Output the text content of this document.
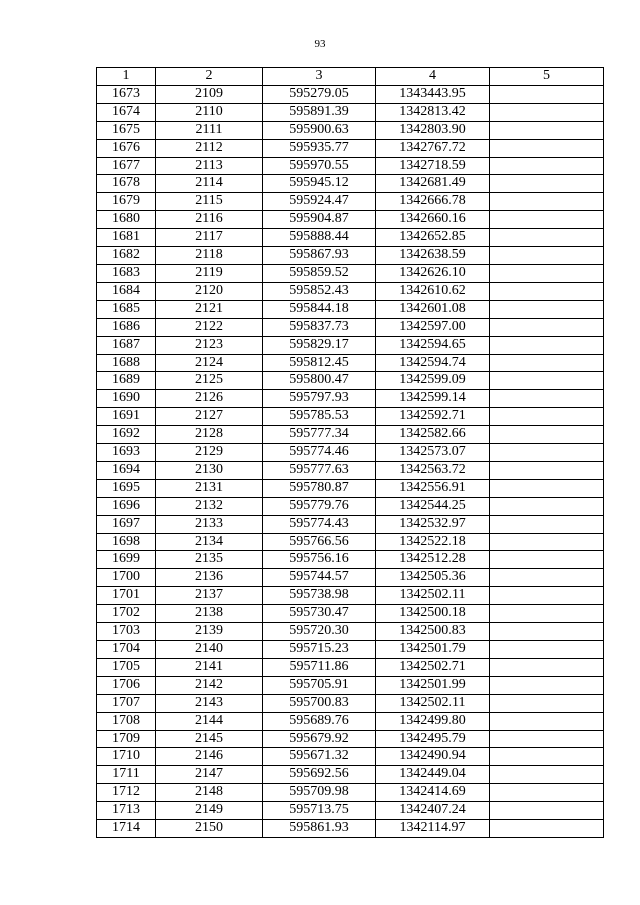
93
1	2	3	4	5
1673	2109	595279.05	1343443.95	
1674	2110	595891.39	1342813.42	
1675	2111	595900.63	1342803.90	
1676	2112	595935.77	1342767.72	
1677	2113	595970.55	1342718.59	
1678	2114	595945.12	1342681.49	
1679	2115	595924.47	1342666.78	
1680	2116	595904.87	1342660.16	
1681	2117	595888.44	1342652.85	
1682	2118	595867.93	1342638.59	
1683	2119	595859.52	1342626.10	
1684	2120	595852.43	1342610.62	
1685	2121	595844.18	1342601.08	
1686	2122	595837.73	1342597.00	
1687	2123	595829.17	1342594.65	
1688	2124	595812.45	1342594.74	
1689	2125	595800.47	1342599.09	
1690	2126	595797.93	1342599.14	
1691	2127	595785.53	1342592.71	
1692	2128	595777.34	1342582.66	
1693	2129	595774.46	1342573.07	
1694	2130	595777.63	1342563.72	
1695	2131	595780.87	1342556.91	
1696	2132	595779.76	1342544.25	
1697	2133	595774.43	1342532.97	
1698	2134	595766.56	1342522.18	
1699	2135	595756.16	1342512.28	
1700	2136	595744.57	1342505.36	
1701	2137	595738.98	1342502.11	
1702	2138	595730.47	1342500.18	
1703	2139	595720.30	1342500.83	
1704	2140	595715.23	1342501.79	
1705	2141	595711.86	1342502.71	
1706	2142	595705.91	1342501.99	
1707	2143	595700.83	1342502.11	
1708	2144	595689.76	1342499.80	
1709	2145	595679.92	1342495.79	
1710	2146	595671.32	1342490.94	
1711	2147	595692.56	1342449.04	
1712	2148	595709.98	1342414.69	
1713	2149	595713.75	1342407.24	
1714	2150	595861.93	1342114.97	
